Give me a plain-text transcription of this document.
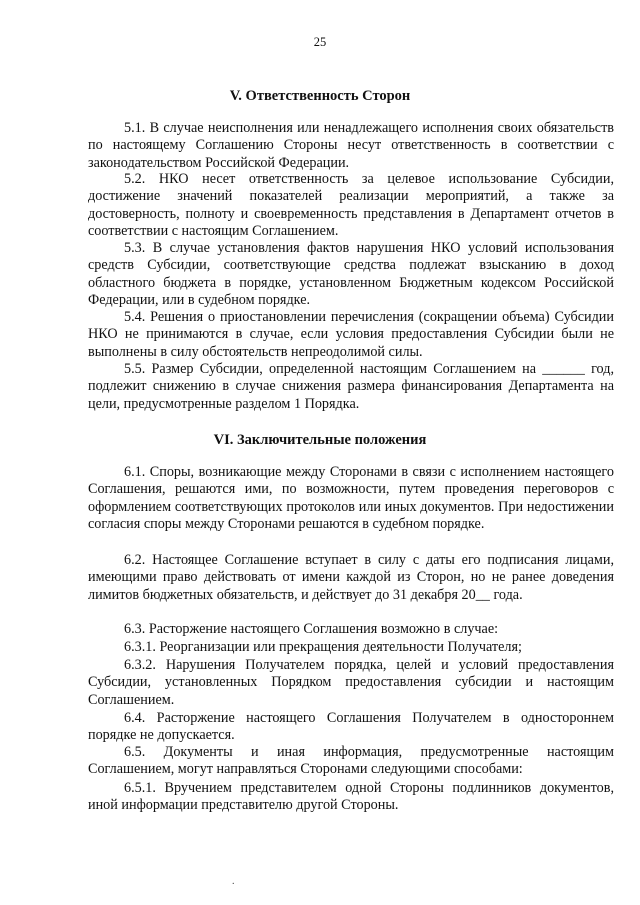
25
V. Ответственность Сторон

5.1. В случае неисполнения или ненадлежащего исполнения своих обязательств по настоящему Соглашению Стороны несут ответственность в соответствии с законодательством Российской Федерации.

5.2. НКО несет ответственность за целевое использование Субсидии, достижение значений показателей реализации мероприятий, а также за достоверность, полноту и своевременность представления в Департамент отчетов в соответствии с настоящим Соглашением.

5.3. В случае установления фактов нарушения НКО условий использования средств Субсидии, соответствующие средства подлежат взысканию в доход областного бюджета в порядке, установленном Бюджетным кодексом Российской Федерации, или в судебном порядке.

5.4. Решения о приостановлении перечисления (сокращении объема) Субсидии НКО не принимаются в случае, если условия предоставления Субсидии были не выполнены в силу обстоятельств непреодолимой силы.

5.5. Размер Субсидии, определенной настоящим Соглашением на ______ год, подлежит снижению в случае снижения размера финансирования Департамента на цели, предусмотренные разделом 1 Порядка.

VI. Заключительные положения

6.1. Споры, возникающие между Сторонами в связи с исполнением настоящего Соглашения, решаются ими, по возможности, путем проведения переговоров с оформлением соответствующих протоколов или иных документов. При недостижении согласия споры между Сторонами решаются в судебном порядке.

6.2. Настоящее Соглашение вступает в силу с даты его подписания лицами, имеющими право действовать от имени каждой из Сторон, но не ранее доведения лимитов бюджетных обязательств, и действует до 31 декабря 20__ года.

6.3. Расторжение настоящего Соглашения возможно в случае:

6.3.1. Реорганизации или прекращения деятельности Получателя;

6.3.2. Нарушения Получателем порядка, целей и условий предоставления Субсидии, установленных Порядком предоставления субсидии и настоящим Соглашением.

6.4. Расторжение настоящего Соглашения Получателем в одностороннем порядке не допускается.

6.5. Документы и иная информация, предусмотренные настоящим Соглашением, могут направляться Сторонами следующими способами:

6.5.1. Вручением представителем одной Стороны подлинников документов, иной информации представителю другой Стороны.

.
